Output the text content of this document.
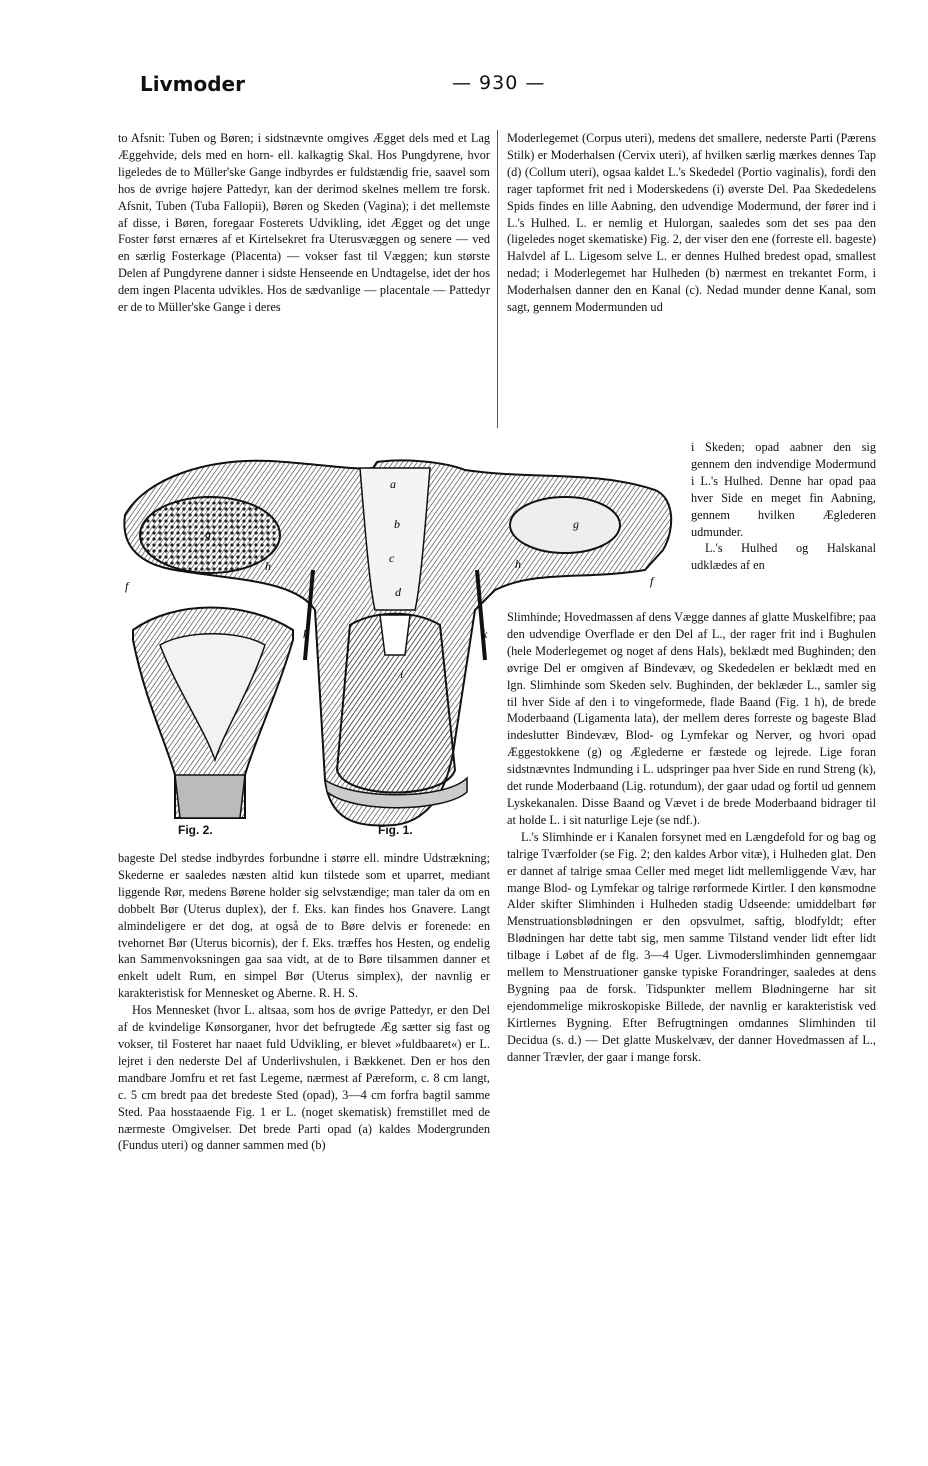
Livmoder	— 930 —

to Afsnit: Tuben og Børen; i sidstnævnte omgives Ægget dels med et Lag Æggehvide, dels med en horn- ell. kalkagtig Skal. Hos Pungdyrene, hvor ligeledes de to Müller'ske Gange indbyrdes er fuldstændig frie, saavel som hos de øvrige højere Pattedyr, kan der derimod skelnes mellem tre forsk. Afsnit, Tuben (Tuba Fallopii), Børen og Skeden (Vagina); i det mellemste af disse, i Børen, foregaar Fosterets Udvikling, idet Ægget og det unge Foster først ernæres af et Kirtelsekret fra Uterusvæggen og senere — ved en særlig Fosterkage (Placenta) — vokser fast til Væggen; kun største Delen af Pungdyrene danner i sidste Henseende en Undtagelse, idet der hos dem ingen Placenta udvikles. Hos de sædvanlige — placentale — Pattedyr er de to Müller'ske Gange i deres

Moderlegemet (Corpus uteri), medens det smallere, nederste Parti (Pærens Stilk) er Moderhalsen (Cervix uteri), af hvilken særlig mærkes dennes Tap (d) (Collum uteri), ogsaa kaldet L.'s Skededel (Portio vaginalis), fordi den rager tapformet frit ned i Moderskedens (i) øverste Del. Paa Skededelens Spids findes en lille Aabning, den udvendige Modermund, der fører ind i L.'s Hulhed. L. er nemlig et Hulorgan, saaledes som det ses paa den (ligeledes noget skematiske) Fig. 2, der viser den ene (forreste ell. bageste) Halvdel af L. Ligesom selve L. er dennes Hulhed bredest opad, smallest nedad; i Moderlegemet har Hulheden (b) nærmest en trekantet Form, i Moderhalsen danner den en Kanal (c). Nedad munder denne Kanal, som sagt, gennem Modermunden ud

a
b
c
d
f	f
g
g
h	h
i
k	k
Fig. 2.	Fig. 1.

i Skeden; opad aabner den sig gennem den indvendige Modermund i L.'s Hulhed. Denne har opad paa hver Side en meget fin Aabning, gennem hvilken Æglederen udmunder.

L.'s Hulhed og Halskanal udklædes af en

bageste Del stedse indbyrdes forbundne i større ell. mindre Udstrækning; Skederne er saaledes næsten altid kun tilstede som et uparret, mediant liggende Rør, medens Børene holder sig selvstændige; man taler da om en dobbelt Bør (Uterus duplex), der f. Eks. kan findes hos Gnavere. Langt almindeligere er det dog, at også de to Børe delvis er forenede: en tvehornet Bør (Uterus bicornis), der f. Eks. træffes hos Hesten, og endelig kan Sammenvoksningen gaa saa vidt, at de to Børe tilsammen danner et enkelt udelt Rum, en simpel Bør (Uterus simplex), der navnlig er karakteristisk for Mennesket og Aberne. R. H. S.

Hos Mennesket (hvor L. altsaa, som hos de øvrige Pattedyr, er den Del af de kvindelige Kønsorganer, hvor det befrugtede Æg sætter sig fast og vokser, til Fosteret har naaet fuld Udvikling, er blevet »fuldbaaret«) er L. lejret i den nederste Del af Underlivshulen, i Bækkenet. Den er hos den mandbare Jomfru et ret fast Legeme, nærmest af Pæreform, c. 8 cm langt, c. 5 cm bredt paa det bredeste Sted (opad), 3—4 cm forfra bagtil samme Sted. Paa hosstaaende Fig. 1 er L. (noget skematisk) fremstillet med de nærmeste Omgivelser. Det brede Parti opad (a) kaldes Modergrunden (Fundus uteri) og danner sammen med (b)

Slimhinde; Hovedmassen af dens Vægge dannes af glatte Muskelfibre; paa den udvendige Overflade er den Del af L., der rager frit ind i Bughulen (hele Moderlegemet og noget af dens Hals), beklædt med Bughinden; den øvrige Del er omgiven af Bindevæv, og Skededelen er beklædt med en lgn. Slimhinde som Skeden selv. Bughinden, der beklæder L., samler sig til hver Side af den i to vingeformede, flade Baand (Fig. 1 h), de brede Moderbaand (Ligamenta lata), der mellem deres forreste og bageste Blad indeslutter Bindevæv, Blod- og Lymfekar og Nerver, og hvori opad Æggestokkene (g) og Æglederne er fæstede og lejrede. Lige foran sidstnævntes Indmunding i L. udspringer paa hver Side en rund Streng (k), det runde Moderbaand (Lig. rotundum), der gaar udad og fortil ud gennem Lyskekanalen. Disse Baand og Vævet i de brede Moderbaand bidrager til at holde L. i sit naturlige Leje (se ndf.).

L.'s Slimhinde er i Kanalen forsynet med en Længdefold for og bag og talrige Tværfolder (se Fig. 2; den kaldes Arbor vitæ), i Hulheden glat. Den er dannet af talrige smaa Celler med meget lidt mellemliggende Væv, har mange Blod- og Lymfekar og talrige rørformede Kirtler. I den kønsmodne Alder skifter Slimhinden i Hulheden stadig Udseende: umiddelbart før Menstruationsblødningen er den opsvulmet, saftig, blodfyldt; efter Blødningen har dette tabt sig, men samme Tilstand vender lidt efter lidt tilbage i Løbet af de flg. 3—4 Uger. Livmoderslimhinden gennemgaar mellem to Menstruationer ganske typiske Forandringer, saaledes at dens Bygning paa de forsk. Tidspunkter mellem Blødningerne har sit ejendommelige mikroskopiske Billede, der navnlig er karakteristisk ved Kirtlernes Bygning. Efter Befrugtningen omdannes Slimhinden til Decidua (s. d.) — Det glatte Muskelvæv, der danner Hovedmassen af L., danner Trævler, der gaar i mange forsk.
